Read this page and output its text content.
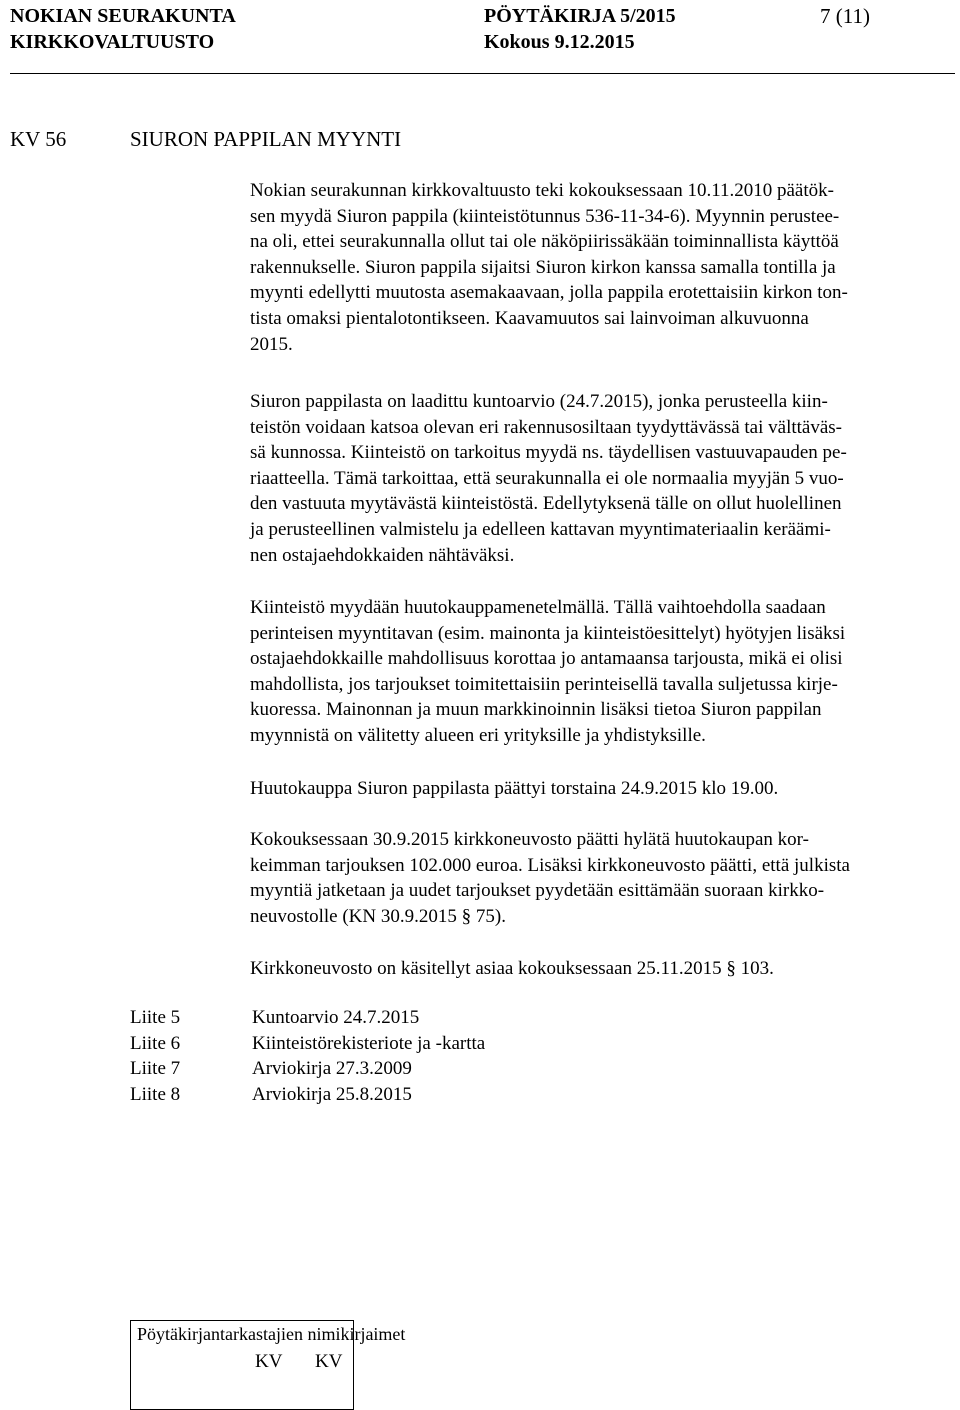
NOKIAN SEURAKUNTA
KIRKKOVALTUUSTO
PÖYTÄKIRJA 5/2015
Kokous 9.12.2015
7 (11)
KV 56	SIURON PAPPILAN MYYNTI

Nokian seurakunnan kirkkovaltuusto teki kokouksessaan 10.11.2010 päätök-

sen myydä Siuron pappila (kiinteistötunnus 536-11-34-6). Myynnin perustee-

na oli, ettei seurakunnalla ollut tai ole näköpiirissäkään toiminnallista käyttöä

rakennukselle. Siuron pappila sijaitsi Siuron kirkon kanssa samalla tontilla ja

myynti edellytti muutosta asemakaavaan, jolla pappila erotettaisiin kirkon ton-

tista omaksi pientalotontikseen. Kaavamuutos sai lainvoiman alkuvuonna

2015.

Siuron pappilasta on laadittu kuntoarvio (24.7.2015), jonka perusteella kiin-

teistön voidaan katsoa olevan eri rakennusosiltaan tyydyttävässä tai välttäväs-

sä kunnossa. Kiinteistö on tarkoitus myydä ns. täydellisen vastuuvapauden pe-

riaatteella. Tämä tarkoittaa, että seurakunnalla ei ole normaalia myyjän 5 vuo-

den vastuuta myytävästä kiinteistöstä. Edellytyksenä tälle on ollut huolellinen

ja perusteellinen valmistelu ja edelleen kattavan myyntimateriaalin keräämi-

nen ostajaehdokkaiden nähtäväksi.

Kiinteistö myydään huutokauppamenetelmällä. Tällä vaihtoehdolla saadaan

perinteisen myyntitavan (esim. mainonta ja kiinteistöesittelyt) hyötyjen lisäksi

ostajaehdokkaille mahdollisuus korottaa jo antamaansa tarjousta, mikä ei olisi

mahdollista, jos tarjoukset toimitettaisiin perinteisellä tavalla suljetussa kirje-

kuoressa. Mainonnan ja muun markkinoinnin lisäksi tietoa Siuron pappilan

myynnistä on välitetty alueen eri yrityksille ja yhdistyksille.

Huutokauppa Siuron pappilasta päättyi torstaina 24.9.2015 klo 19.00.

Kokouksessaan 30.9.2015 kirkkoneuvosto päätti hylätä huutokaupan kor-

keimman tarjouksen 102.000 euroa. Lisäksi kirkkoneuvosto päätti, että julkista

myyntiä jatketaan ja uudet tarjoukset pyydetään esittämään suoraan kirkko-

neuvostolle (KN 30.9.2015 § 75).

Kirkkoneuvosto on käsitellyt asiaa kokouksessaan 25.11.2015 § 103.

Liite 5	Kuntoarvio 24.7.2015
Liite 6	Kiinteistörekisteriote ja -kartta
Liite 7	Arviokirja 27.3.2009
Liite 8	Arviokirja 25.8.2015
Pöytäkirjantarkastajien nimikirjaimet
KV KV
